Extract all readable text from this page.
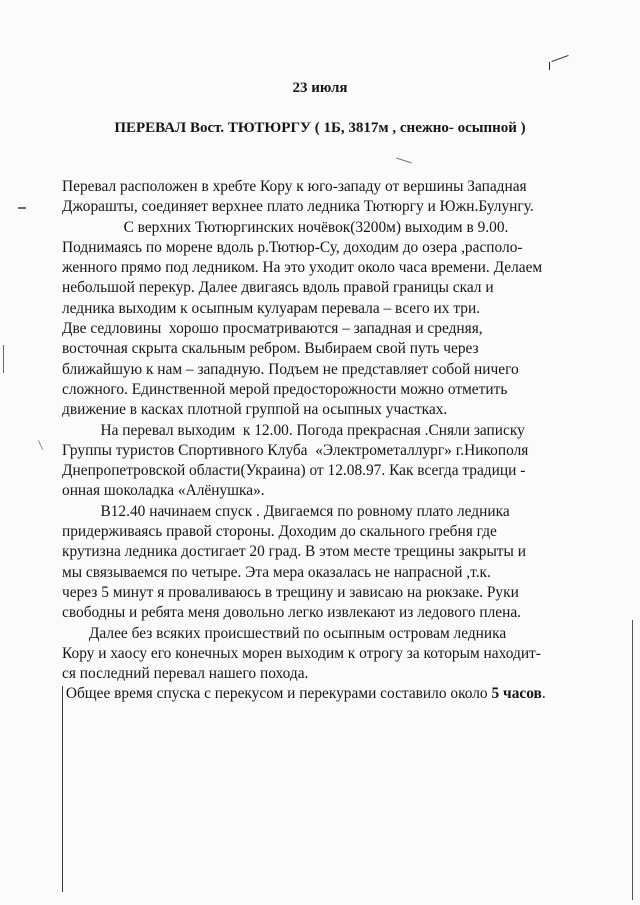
23 июля
ПЕРЕВАЛ Вост. ТЮТЮРГУ ( 1Б, 3817м , снежно- осыпной )
Перевал расположен в хребте Кору к юго-западу от вершины Западная
Джорашты, соединяет верхнее плато ледника Тютюргу и Южн.Булунгу.
С верхних Тютюргинских ночёвок(3200м) выходим в 9.00.
Поднимаясь по морене вдоль р.Тютюр-Су, доходим до озера ,располо-
женного прямо под ледником. На это уходит около часа времени. Делаем
небольшой перекур. Далее двигаясь вдоль правой границы скал и
ледника выходим к осыпным кулуарам перевала – всего их три.
Две седловины  хорошо просматриваются – западная и средняя,
восточная скрыта скальным ребром. Выбираем свой путь через
ближайшую к нам – западную. Подъем не представляет собой ничего
сложного. Единственной мерой предосторожности можно отметить
движение в касках плотной группой на осыпных участках.
На перевал выходим  к 12.00. Погода прекрасная .Сняли записку
Группы туристов Спортивного Клуба  «Электрометаллург» г.Никополя
Днепропетровской области(Украина) от 12.08.97. Как всегда традици -
онная шоколадка «Алёнушка».
В12.40 начинаем спуск . Двигаемся по ровному плато ледника
придерживаясь правой стороны. Доходим до скального гребня где
крутизна ледника достигает 20 град. В этом месте трещины закрыты и
мы связываемся по четыре. Эта мера оказалась не напрасной ,т.к.
через 5 минут я проваливаюсь в трещину и зависаю на рюкзаке. Руки
свободны и ребята меня довольно легко извлекают из ледового плена.
Далее без всяких происшествий по осыпным островам ледника
Кору и хаосу его конечных морен выходим к отрогу за которым находит-
ся последний перевал нашего похода.
Общее время спуска с перекусом и перекурами составило около 5 часов.
